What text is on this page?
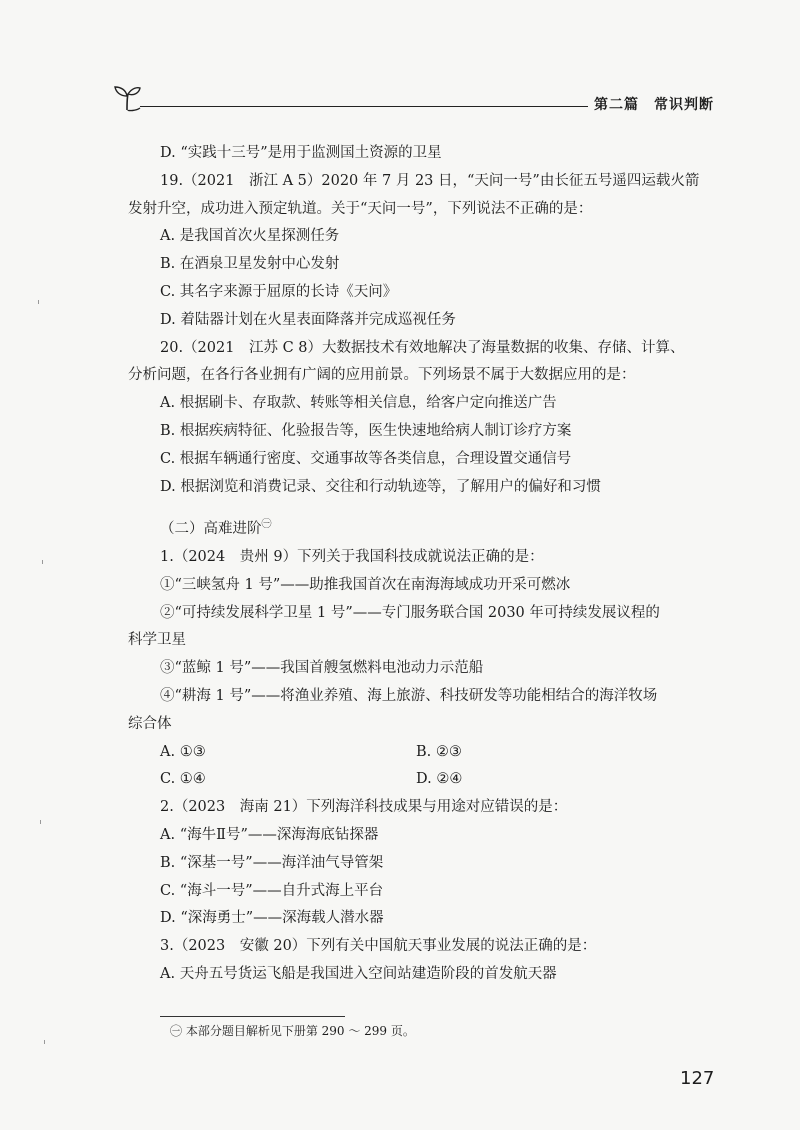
第二篇　常识判断
D. “实践十三号”是用于监测国土资源的卫星
19.（2021　浙江 A 5）2020 年 7 月 23 日，“天问一号”由长征五号遥四运载火箭
发射升空，成功进入预定轨道。关于“天问一号”，下列说法不正确的是：
A. 是我国首次火星探测任务
B. 在酒泉卫星发射中心发射
C. 其名字来源于屈原的长诗《天问》
D. 着陆器计划在火星表面降落并完成巡视任务
20.（2021　江苏 C 8）大数据技术有效地解决了海量数据的收集、存储、计算、
分析问题，在各行各业拥有广阔的应用前景。下列场景不属于大数据应用的是：
A. 根据刷卡、存取款、转账等相关信息，给客户定向推送广告
B. 根据疾病特征、化验报告等，医生快速地给病人制订诊疗方案
C. 根据车辆通行密度、交通事故等各类信息，合理设置交通信号
D. 根据浏览和消费记录、交往和行动轨迹等，了解用户的偏好和习惯
（二）高难进阶$^㊀$
1.（2024　贵州 9）下列关于我国科技成就说法正确的是：
①“三峡氢舟 1 号”——助推我国首次在南海海域成功开采可燃冰
②“可持续发展科学卫星 1 号”——专门服务联合国 2030 年可持续发展议程的
科学卫星
③“蓝鲸 1 号”——我国首艘氢燃料电池动力示范船
④“耕海 1 号”——将渔业养殖、海上旅游、科技研发等功能相结合的海洋牧场
综合体
A. ①③	B. ②③
C. ①④	D. ②④
2.（2023　海南 21）下列海洋科技成果与用途对应错误的是：
A. “海牛Ⅱ号”——深海海底钻探器
B. “深基一号”——海洋油气导管架
C. “海斗一号”——自升式海上平台
D. “深海勇士”——深海载人潜水器
3.（2023　安徽 20）下列有关中国航天事业发展的说法正确的是：
A. 天舟五号货运飞船是我国进入空间站建造阶段的首发航天器
㊀ 本部分题目解析见下册第 290 ～ 299 页。
127
